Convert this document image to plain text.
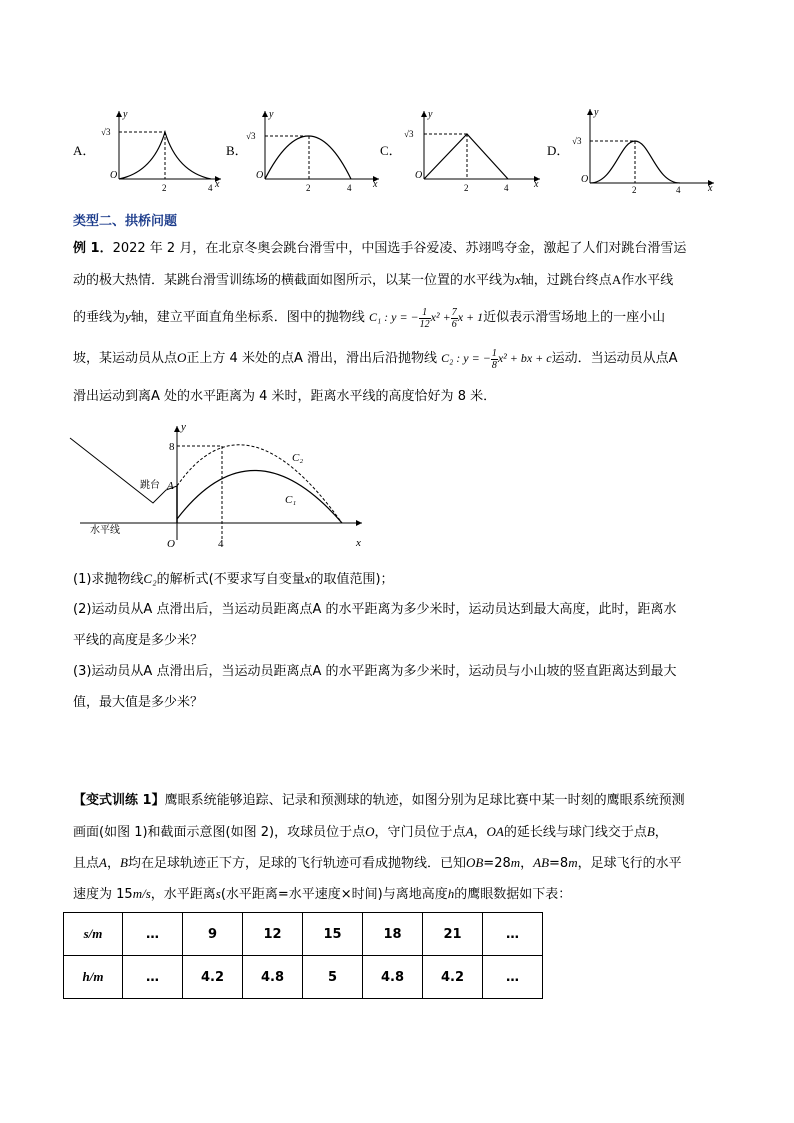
A．
y
x
O
√3
2	4
B．
y
x
O
√3
2	4
C．
y
x
O
√3
2	4
D．
y
x
O
√3
2	4
类型二、拱桥问题
例 1．2022 年 2 月，在北京冬奥会跳台滑雪中，中国选手谷爱凌、苏翊鸣夺金，激起了人们对跳台滑雪运
动的极大热情．某跳台滑雪训练场的横截面如图所示，以某一位置的水平线为x轴，过跳台终点A作水平线
的垂线为y轴，建立平面直角坐标系．图中的抛物线 C₁ : y = − $\frac{1}{12} x^2 + \frac{7}{6}$ x + 1近似表示滑雪场地上的一座小山
坡，某运动员从点O正上方 4 米处的点A 滑出，滑出后沿抛物线 C₂ : y = − $\frac{1}{8} x^2$ + bx + c运动．当运动员从点A
滑出运动到离A 处的水平距离为 4 米时，距离水平线的高度恰好为 8 米．
y
x
O
8
4
A
跳台
C₂
C₁
水平线
(1)求抛物线C₂的解析式(不要求写自变量x的取值范围)；
(2)运动员从A 点滑出后，当运动员距离点A 的水平距离为多少米时，运动员达到最大高度，此时，距离水
平线的高度是多少米？
(3)运动员从A 点滑出后，当运动员距离点A 的水平距离为多少米时，运动员与小山坡的竖直距离达到最大
值，最大值是多少米？
【变式训练 1】鹰眼系统能够追踪、记录和预测球的轨迹，如图分别为足球比赛中某一时刻的鹰眼系统预测
画面(如图 1)和截面示意图(如图 2)，攻球员位于点O，守门员位于点A，OA的延长线与球门线交于点B，
且点A，B均在足球轨迹正下方，足球的飞行轨迹可看成抛物线．已知OB=28m，AB=8m，足球飞行的水平
速度为 15m/s，水平距离s(水平距离=水平速度×时间)与离地高度h的鹰眼数据如下表：
s/m	…	9	12	15	18	21	…
h/m	…	4.2	4.8	5	4.8	4.2	…
